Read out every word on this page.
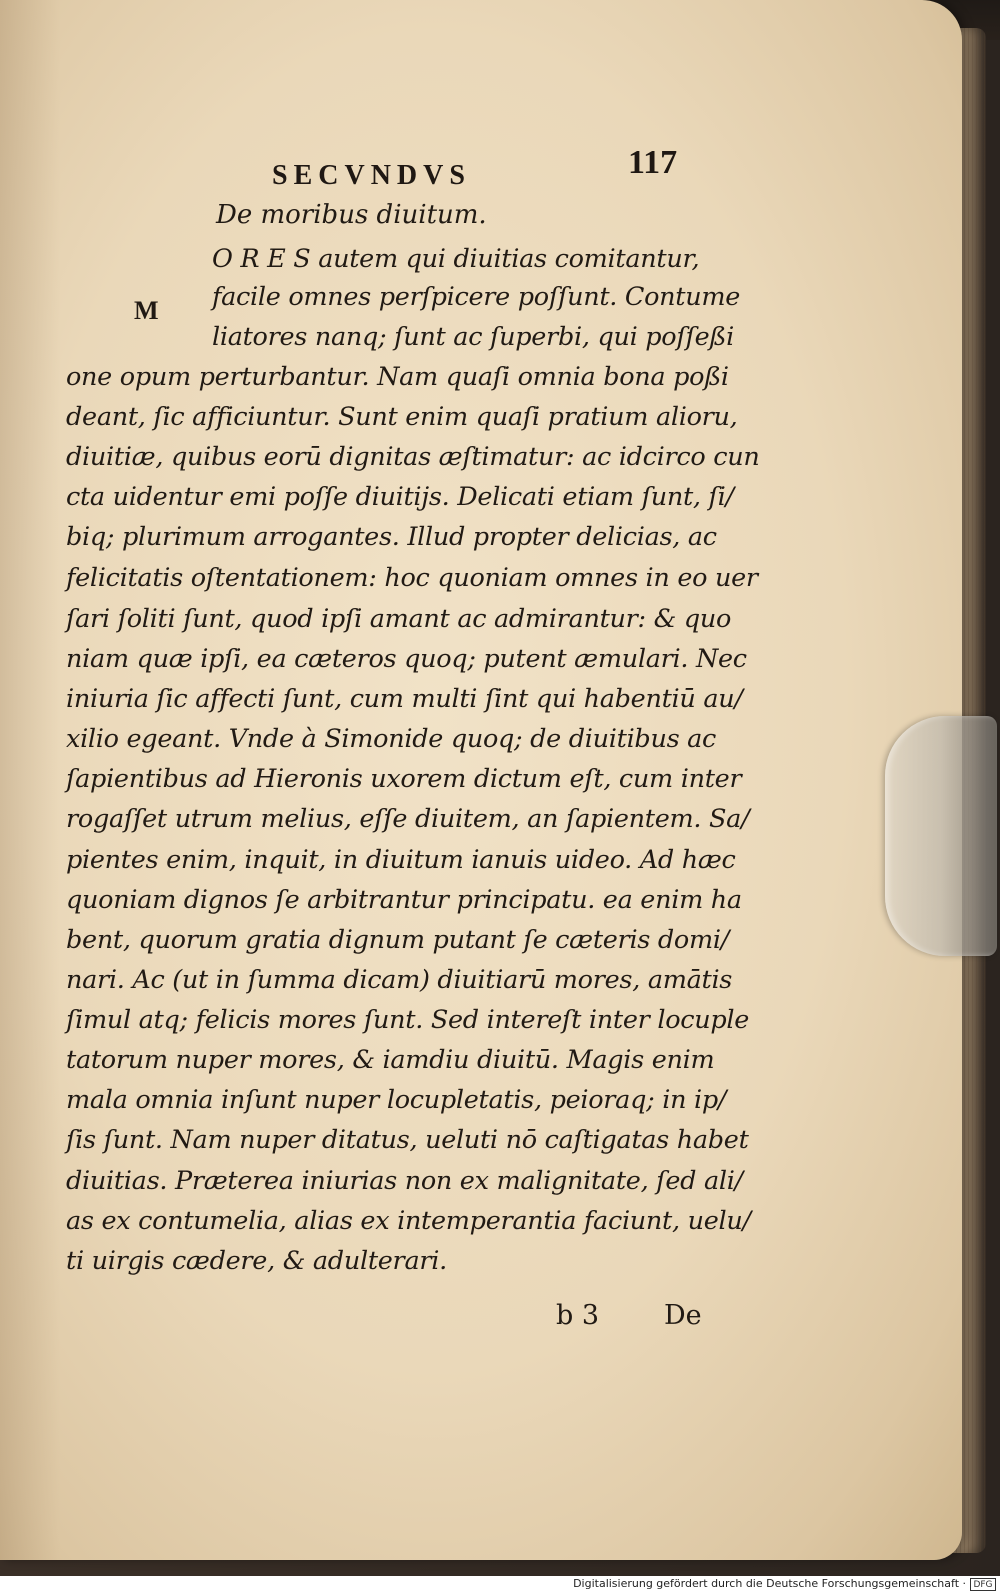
SECVNDVS	117
De moribus diuitum.
M
O R E S autem qui diuitias comitantur,
facile omnes perſpicere poſſunt. Contume
liatores nanq; ſunt ac ſuperbi, qui poſſeßi
one opum perturbantur. Nam quaſi omnia bona poßi
deant, ſic afficiuntur. Sunt enim quaſi pratium alioru,
diuitiæ, quibus eorū dignitas æſtimatur: ac idcirco cun
cta uidentur emi poſſe diuitijs. Delicati etiam ſunt, ſi/
biq; plurimum arrogantes. Illud propter delicias, ac
felicitatis oſtentationem: hoc quoniam omnes in eo uer
ſari ſoliti ſunt, quod ipſi amant ac admirantur: & quo
niam quæ ipſi, ea cæteros quoq; putent æmulari. Nec
iniuria ſic affecti ſunt, cum multi ſint qui habentiū au/
xilio egeant. Vnde à Simonide quoq; de diuitibus ac
ſapientibus ad Hieronis uxorem dictum eſt, cum inter
rogaſſet utrum melius, eſſe diuitem, an ſapientem. Sa/
pientes enim, inquit, in diuitum ianuis uideo. Ad hæc
quoniam dignos ſe arbitrantur principatu. ea enim ha
bent, quorum gratia dignum putant ſe cæteris domi/
nari. Ac (ut in ſumma dicam) diuitiarū mores, amātis
ſimul atq; felicis mores ſunt. Sed intereſt inter locuple
tatorum nuper mores, & iamdiu diuitū. Magis enim
mala omnia inſunt nuper locupletatis, peioraq; in ip/
ſis ſunt. Nam nuper ditatus, ueluti nō caſtigatas habet
diuitias. Præterea iniurias non ex malignitate, ſed ali/
as ex contumelia, alias ex intemperantia faciunt, uelu/
ti uirgis cædere, & adulterari.
b 3 De
Digitalisierung gefördert durch die Deutsche Forschungsgemeinschaft · DFG
